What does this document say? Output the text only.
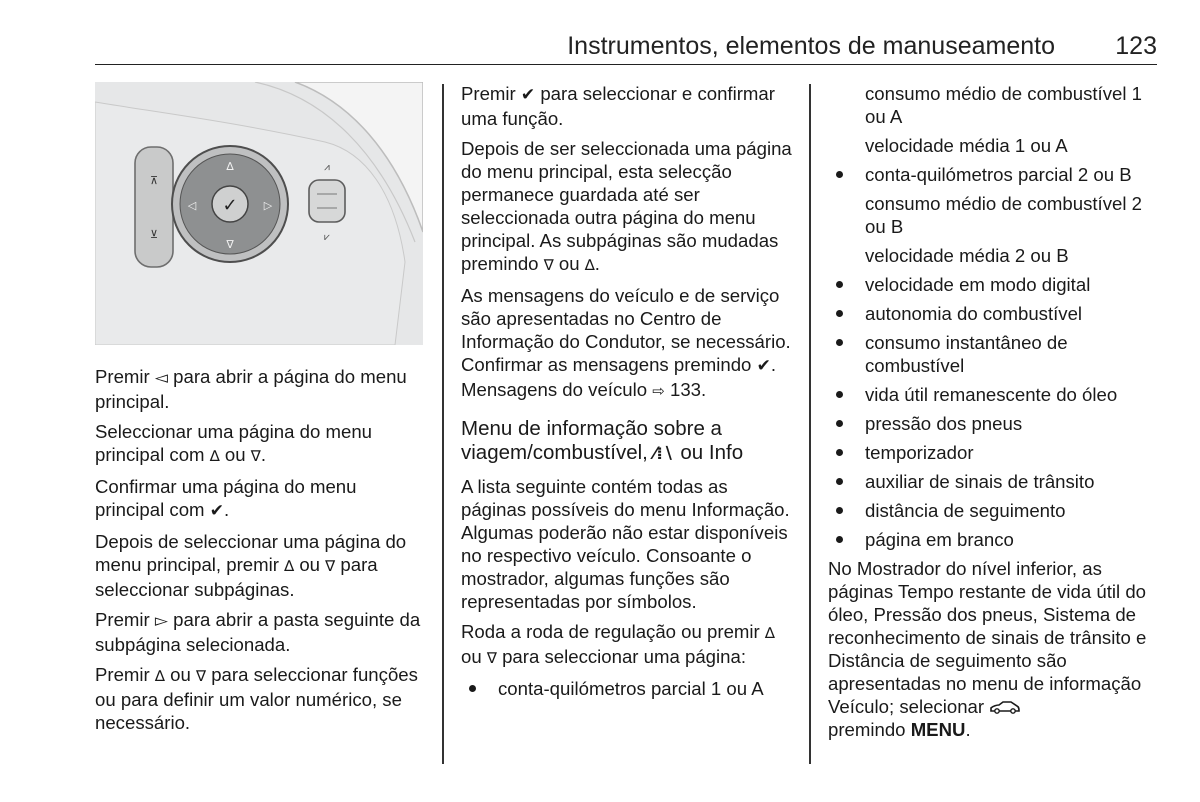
Instrumentos, elementos de manuseamento 123
⊼
⊻
✓
∆
∇
◁	▷
⩘
⩗

Premir ◅ para abrir a página do menu principal.

Seleccionar uma página do menu principal com ∆ ou ∇.

Confirmar uma página do menu principal com ✔.

Depois de seleccionar uma página do menu principal, premir ∆ ou ∇ para seleccionar subpáginas.

Premir ▻ para abrir a pasta seguinte da subpágina selecionada.

Premir ∆ ou ∇ para seleccionar funções ou para definir um valor numérico, se necessário.

Premir ✔ para seleccionar e confirmar uma função.

Depois de ser seleccionada uma página do menu principal, esta selecção permanece guardada até ser seleccionada outra página do menu principal. As subpáginas são mudadas premindo ∇ ou ∆.

As mensagens do veículo e de serviço são apresentadas no Centro de Informação do Condutor, se necessário. Confirmar as mensagens premindo ✔. Mensagens do veículo ⇨ 133.

Menu de informação sobre a viagem/combustível, ⁄⁞∖ ou Info

A lista seguinte contém todas as páginas possíveis do menu Informação. Algumas poderão não estar disponíveis no respectivo veículo. Consoante o mostrador, algumas funções são representadas por símbolos.

Roda a roda de regulação ou premir ∆ ou ∇ para seleccionar uma página:

conta-quilómetros parcial 1 ou A
consumo médio de combustível 1 ou A
velocidade média 1 ou A
conta-quilómetros parcial 2 ou B
consumo médio de combustível 2 ou B
velocidade média 2 ou B
velocidade em modo digital
autonomia do combustível
consumo instantâneo de combustível
vida útil remanescente do óleo
pressão dos pneus
temporizador
auxiliar de sinais de trânsito
distância de seguimento
página em branco

No Mostrador do nível inferior, as páginas Tempo restante de vida útil do óleo, Pressão dos pneus, Sistema de reconhecimento de sinais de trânsito e Distância de seguimento são apresentadas no menu de informação Veículo; selecionar
premindo MENU.
